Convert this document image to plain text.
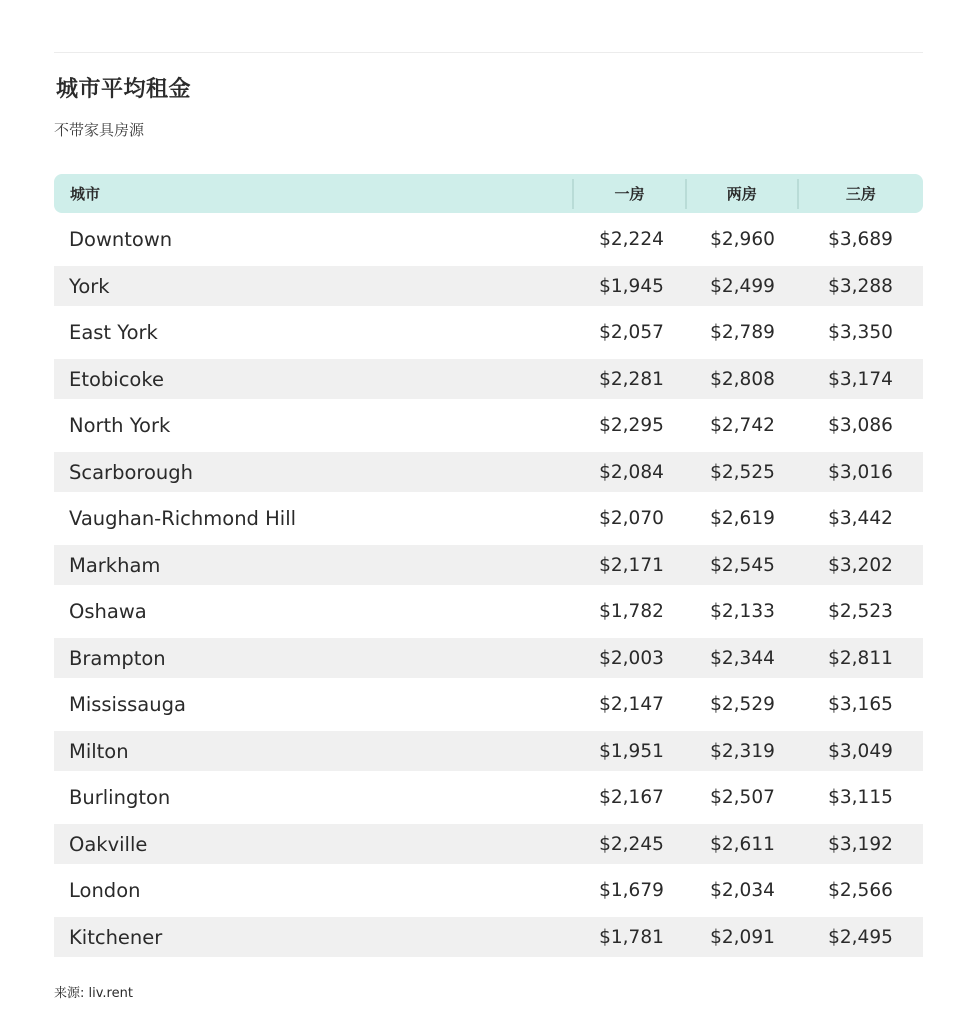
城市平均租金
不带家具房源
城市	一房	两房	三房
Downtown	$2,224	$2,960	$3,689
York	$1,945	$2,499	$3,288
East York	$2,057	$2,789	$3,350
Etobicoke	$2,281	$2,808	$3,174
North York	$2,295	$2,742	$3,086
Scarborough	$2,084	$2,525	$3,016
Vaughan-Richmond Hill	$2,070	$2,619	$3,442
Markham	$2,171	$2,545	$3,202
Oshawa	$1,782	$2,133	$2,523
Brampton	$2,003	$2,344	$2,811
Mississauga	$2,147	$2,529	$3,165
Milton	$1,951	$2,319	$3,049
Burlington	$2,167	$2,507	$3,115
Oakville	$2,245	$2,611	$3,192
London	$1,679	$2,034	$2,566
Kitchener	$1,781	$2,091	$2,495
来源: liv.rent
